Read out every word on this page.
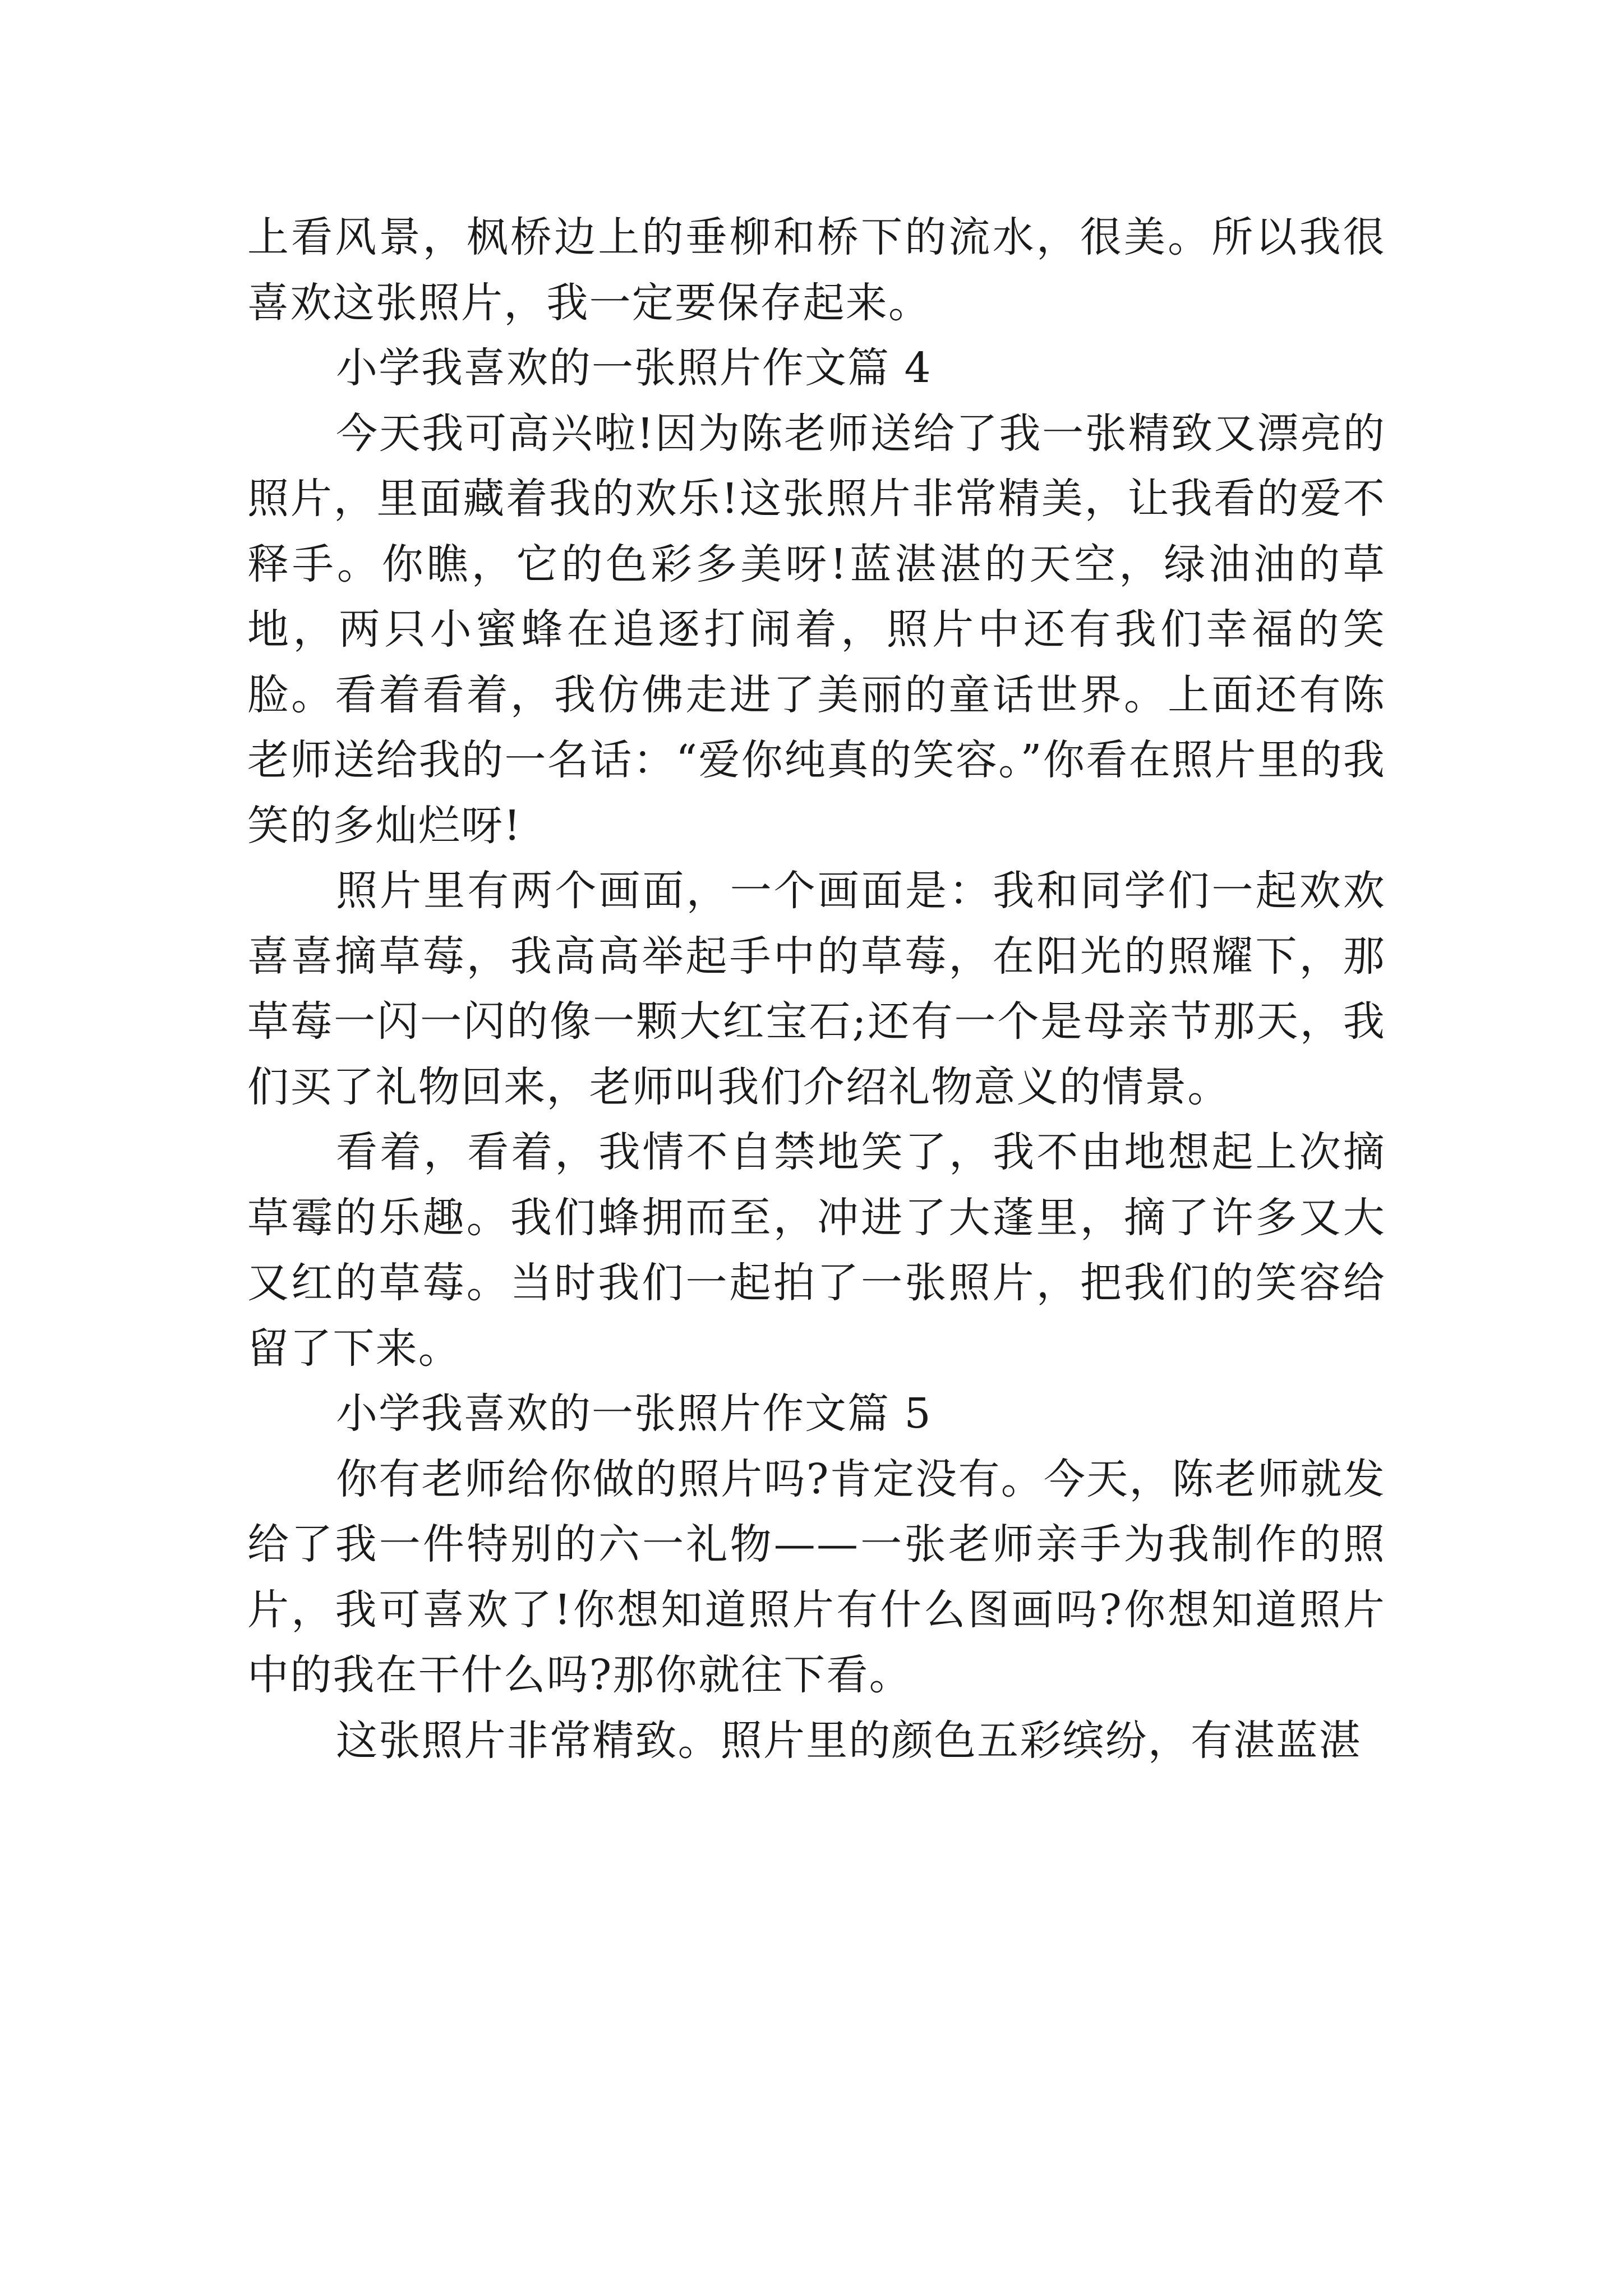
上看风景，枫桥边上的垂柳和桥下的流水，很美。所以我很喜欢这张照片，我一定要保存起来。

小学我喜欢的一张照片作文篇 4

今天我可高兴啦!因为陈老师送给了我一张精致又漂亮的照片，里面藏着我的欢乐!这张照片非常精美，让我看的爱不释手。你瞧，它的色彩多美呀!蓝湛湛的天空，绿油油的草地，两只小蜜蜂在追逐打闹着，照片中还有我们幸福的笑脸。看着看着，我仿佛走进了美丽的童话世界。上面还有陈老师送给我的一名话：“爱你纯真的笑容。”你看在照片里的我笑的多灿烂呀!

照片里有两个画面，一个画面是：我和同学们一起欢欢喜喜摘草莓，我高高举起手中的草莓，在阳光的照耀下，那草莓一闪一闪的像一颗大红宝石;还有一个是母亲节那天，我们买了礼物回来，老师叫我们介绍礼物意义的情景。

看着，看着，我情不自禁地笑了，我不由地想起上次摘草霉的乐趣。我们蜂拥而至，冲进了大蓬里，摘了许多又大又红的草莓。当时我们一起拍了一张照片，把我们的笑容给留了下来。

小学我喜欢的一张照片作文篇 5

你有老师给你做的照片吗?肯定没有。今天，陈老师就发给了我一件特别的六一礼物——一张老师亲手为我制作的照片，我可喜欢了!你想知道照片有什么图画吗?你想知道照片中的我在干什么吗?那你就往下看。

这张照片非常精致。照片里的颜色五彩缤纷，有湛蓝湛
